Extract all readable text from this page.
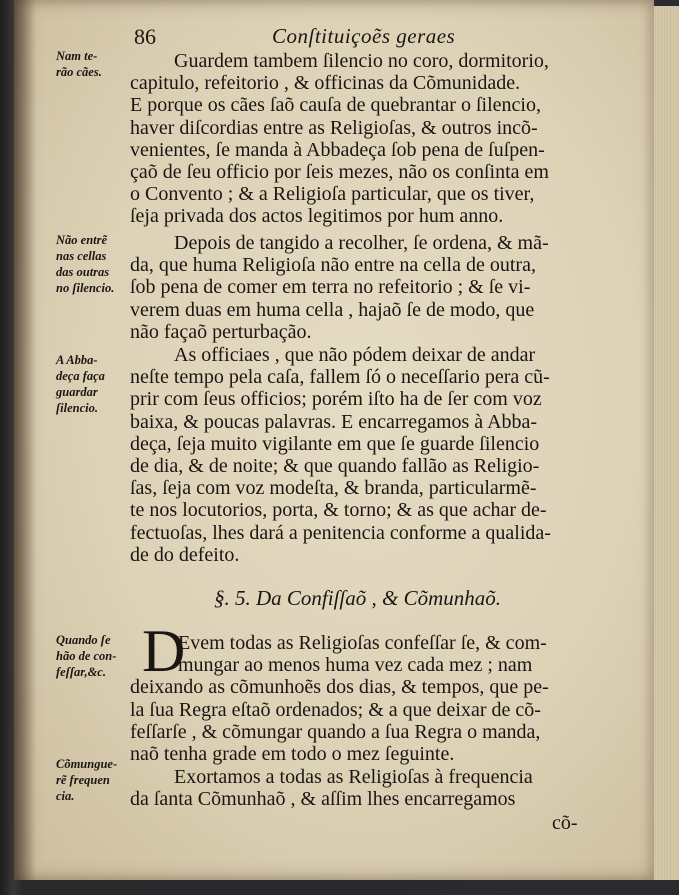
86	Conſtituiçoẽs geraes
Nam te-
rão cães.
Não entrẽ
nas cellas
das outras
no ſilencio.
A Abba-
deça faça
guardar
ſilencio.
Quando ſe
hão de con-
feſſar,&c.
Cõmungue-
rẽ frequen
cia.
Guardem tambem ſilencio no coro, dormitorio,
capitulo, refeitorio , & officinas da Cõmunidade.
E porque os cães ſaõ cauſa de quebrantar o ſilencio,
haver diſcordias entre as Religioſas, & outros incõ-
venientes, ſe manda à Abbadeça ſob pena de ſuſpen-
çaõ de ſeu officio por ſeis mezes, não os conſinta em
o Convento ; & a Religioſa particular, que os tiver,
ſeja privada dos actos legitimos por hum anno.
Depois de tangido a recolher, ſe ordena, & mã-
da, que huma Religioſa não entre na cella de outra,
ſob pena de comer em terra no refeitorio ; & ſe vi-
verem duas em huma cella , hajaõ ſe de modo, que
não façaõ perturbação.
As officiaes , que não pódem deixar de andar
neſte tempo pela caſa, fallem ſó o neceſſario pera cũ-
prir com ſeus officios; porém iſto ha de ſer com voz
baixa, & poucas palavras. E encarregamos à Abba-
deça, ſeja muito vigilante em que ſe guarde ſilencio
de dia, & de noite; & que quando fallão as Religio-
ſas, ſeja com voz modeſta, & branda, particularmẽ-
te nos locutorios, porta, & torno; & as que achar de-
fectuoſas, lhes dará a penitencia conforme a qualida-
de do defeito.
§. 5. Da Confiſſaõ , & Cõmunhaõ.
D
Evem todas as Religioſas confeſſar ſe, & com-
mungar ao menos huma vez cada mez ; nam
deixando as cõmunhoẽs dos dias, & tempos, que pe-
la ſua Regra eſtaõ ordenados; & a que deixar de cõ-
feſſarſe , & cõmungar quando a ſua Regra o manda,
naõ tenha grade em todo o mez ſeguinte.
Exortamos a todas as Religioſas à frequencia
da ſanta Cõmunhaõ , & aſſim lhes encarregamos
cõ-
